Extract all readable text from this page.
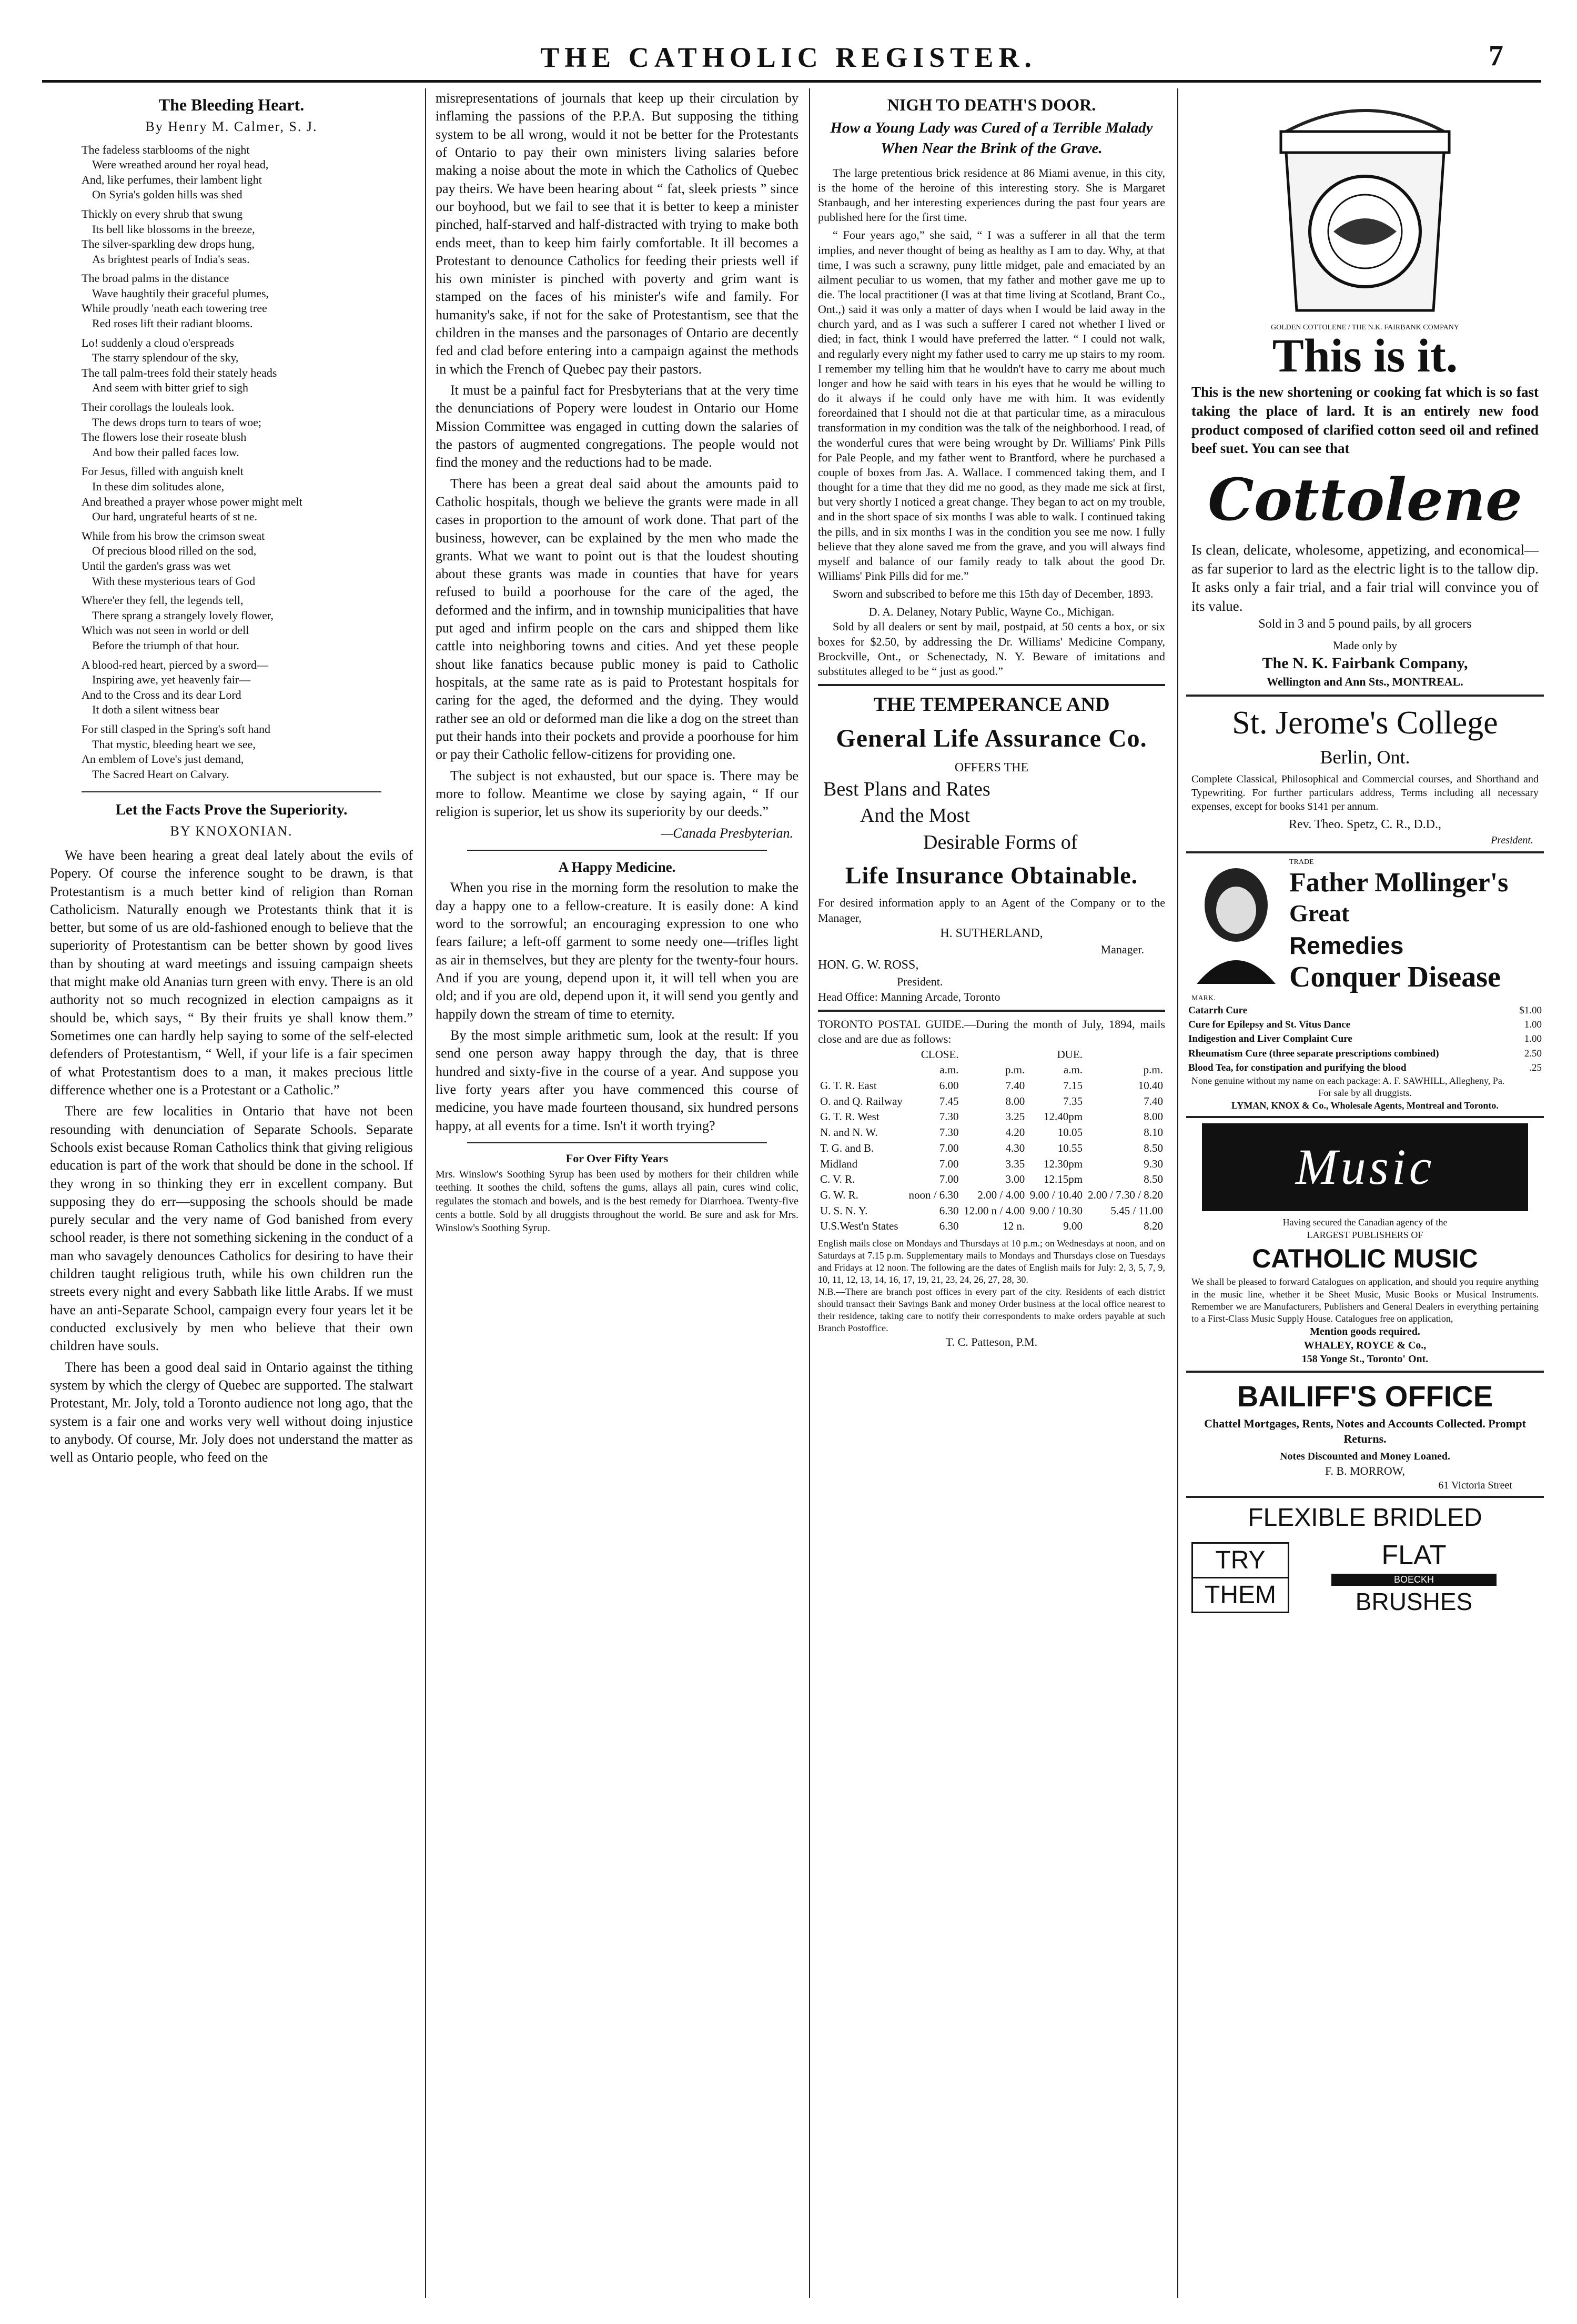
THE CATHOLIC REGISTER.	7
The Bleeding Heart.
By Henry M. Calmer, S. J.
The fadeless starblooms of the night
Were wreathed around her royal head,
And, like perfumes, their lambent light
On Syria's golden hills was shed
Thickly on every shrub that swung
Its bell like blossoms in the breeze,
The silver-sparkling dew drops hung,
As brightest pearls of India's seas.
The broad palms in the distance
Wave haughtily their graceful plumes,
While proudly 'neath each towering tree
Red roses lift their radiant blooms.
Lo! suddenly a cloud o'erspreads
The starry splendour of the sky,
The tall palm-trees fold their stately heads
And seem with bitter grief to sigh
Their corollags the louleals look.
The dews drops turn to tears of woe;
The flowers lose their roseate blush
And bow their palled faces low.
For Jesus, filled with anguish knelt
In these dim solitudes alone,
And breathed a prayer whose power might melt
Our hard, ungrateful hearts of st ne.
While from his brow the crimson sweat
Of precious blood rilled on the sod,
Until the garden's grass was wet
With these mysterious tears of God
Where'er they fell, the legends tell,
There sprang a strangely lovely flower,
Which was not seen in world or dell
Before the triumph of that hour.
A blood-red heart, pierced by a sword—
Inspiring awe, yet heavenly fair—
And to the Cross and its dear Lord
It doth a silent witness bear
For still clasped in the Spring's soft hand
That mystic, bleeding heart we see,
An emblem of Love's just demand,
The Sacred Heart on Calvary.
Let the Facts Prove the Superiority.
BY KNOXONIAN.

We have been hearing a great deal lately about the evils of Popery. Of course the inference sought to be drawn, is that Protestantism is a much better kind of religion than Roman Catholicism. Naturally enough we Protestants think that it is better, but some of us are old-fashioned enough to believe that the superiority of Protestantism can be better shown by good lives than by shouting at ward meetings and issuing campaign sheets that might make old Ananias turn green with envy. There is an old authority not so much recognized in election campaigns as it should be, which says, “ By their fruits ye shall know them.” Sometimes one can hardly help saying to some of the self-elected defenders of Protestantism, “ Well, if your life is a fair specimen of what Protestantism does to a man, it makes precious little difference whether one is a Protestant or a Catholic.”

There are few localities in Ontario that have not been resounding with denunciation of Separate Schools. Separate Schools exist because Roman Catholics think that giving religious education is part of the work that should be done in the school. If they wrong in so thinking they err in excellent company. But supposing they do err—supposing the schools should be made purely secular and the very name of God banished from every school reader, is there not something sickening in the conduct of a man who savagely denounces Catholics for desiring to have their children taught religious truth, while his own children run the streets every night and every Sabbath like little Arabs. If we must have an anti-Separate School, campaign every four years let it be conducted exclusively by men who believe that their own children have souls.

There has been a good deal said in Ontario against the tithing system by which the clergy of Quebec are supported. The stalwart Protestant, Mr. Joly, told a Toronto audience not long ago, that the system is a fair one and works very well without doing injustice to anybody. Of course, Mr. Joly does not understand the matter as well as Ontario people, who feed on the

misrepresentations of journals that keep up their circulation by inflaming the passions of the P.P.A. But supposing the tithing system to be all wrong, would it not be better for the Protestants of Ontario to pay their own ministers living salaries before making a noise about the mote in which the Catholics of Quebec pay theirs. We have been hearing about “ fat, sleek priests ” since our boyhood, but we fail to see that it is better to keep a minister pinched, half-starved and half-distracted with trying to make both ends meet, than to keep him fairly comfortable. It ill becomes a Protestant to denounce Catholics for feeding their priests well if his own minister is pinched with poverty and grim want is stamped on the faces of his minister's wife and family. For humanity's sake, if not for the sake of Protestantism, see that the children in the manses and the parsonages of Ontario are decently fed and clad before entering into a campaign against the methods in which the French of Quebec pay their pastors.

It must be a painful fact for Presbyterians that at the very time the denunciations of Popery were loudest in Ontario our Home Mission Committee was engaged in cutting down the salaries of the pastors of augmented congregations. The people would not find the money and the reductions had to be made.

There has been a great deal said about the amounts paid to Catholic hospitals, though we believe the grants were made in all cases in proportion to the amount of work done. That part of the business, however, can be explained by the men who made the grants. What we want to point out is that the loudest shouting about these grants was made in counties that have for years refused to build a poorhouse for the care of the aged, the deformed and the infirm, and in township municipalities that have put aged and infirm people on the cars and shipped them like cattle into neighboring towns and cities. And yet these people shout like fanatics because public money is paid to Catholic hospitals, at the same rate as is paid to Protestant hospitals for caring for the aged, the deformed and the dying. They would rather see an old or deformed man die like a dog on the street than put their hands into their pockets and provide a poorhouse for him or pay their Catholic fellow-citizens for providing one.

The subject is not exhausted, but our space is. There may be more to follow. Meantime we close by saying again, “ If our religion is superior, let us show its superiority by our deeds.”

—Canada Presbyterian.
A Happy Medicine.

When you rise in the morning form the resolution to make the day a happy one to a fellow-creature. It is easily done: A kind word to the sorrowful; an encouraging expression to one who fears failure; a left-off garment to some needy one—trifles light as air in themselves, but they are plenty for the twenty-four hours. And if you are young, depend upon it, it will tell when you are old; and if you are old, depend upon it, it will send you gently and happily down the stream of time to eternity.

By the most simple arithmetic sum, look at the result: If you send one person away happy through the day, that is three hundred and sixty-five in the course of a year. And suppose you live forty years after you have commenced this course of medicine, you have made fourteen thousand, six hundred persons happy, at all events for a time. Isn't it worth trying?

For Over Fifty Years
Mrs. Winslow's Soothing Syrup has been used by mothers for their children while teething. It soothes the child, softens the gums, allays all pain, cures wind colic, regulates the stomach and bowels, and is the best remedy for Diarrhoea. Twenty-five cents a bottle. Sold by all druggists throughout the world. Be sure and ask for Mrs. Winslow's Soothing Syrup.
NIGH TO DEATH'S DOOR.
How a Young Lady was Cured of a Terrible Malady When Near the Brink of the Grave.

The large pretentious brick residence at 86 Miami avenue, in this city, is the home of the heroine of this interesting story. She is Margaret Stanbaugh, and her interesting experiences during the past four years are published here for the first time.

“ Four years ago,” she said, “ I was a sufferer in all that the term implies, and never thought of being as healthy as I am to day. Why, at that time, I was such a scrawny, puny little midget, pale and emaciated by an ailment peculiar to us women, that my father and mother gave me up to die. The local practitioner (I was at that time living at Scotland, Brant Co., Ont.,) said it was only a matter of days when I would be laid away in the church yard, and as I was such a sufferer I cared not whether I lived or died; in fact, think I would have preferred the latter. “ I could not walk, and regularly every night my father used to carry me up stairs to my room. I remember my telling him that he wouldn't have to carry me about much longer and how he said with tears in his eyes that he would be willing to do it always if he could only have me with him. It was evidently foreordained that I should not die at that particular time, as a miraculous transformation in my condition was the talk of the neighborhood. I read, of the wonderful cures that were being wrought by Dr. Williams' Pink Pills for Pale People, and my father went to Brantford, where he purchased a couple of boxes from Jas. A. Wallace. I commenced taking them, and I thought for a time that they did me no good, as they made me sick at first, but very shortly I noticed a great change. They began to act on my trouble, and in the short space of six months I was able to walk. I continued taking the pills, and in six months I was in the condition you see me now. I fully believe that they alone saved me from the grave, and you will always find myself and balance of our family ready to talk about the good Dr. Williams' Pink Pills did for me.”

Sworn and subscribed to before me this 15th day of December, 1893.

D. A. Delaney, Notary Public, Wayne Co., Michigan.

Sold by all dealers or sent by mail, postpaid, at 50 cents a box, or six boxes for $2.50, by addressing the Dr. Williams' Medicine Company, Brockville, Ont., or Schenectady, N. Y. Beware of imitations and substitutes alleged to be “ just as good.”

THE TEMPERANCE AND
General Life Assurance Co.
OFFERS THE
Best Plans and Rates
And the Most
Desirable Forms of
Life Insurance Obtainable.
For desired information apply to an Agent of the Company or to the Manager,
H. SUTHERLAND,
Manager.
HON. G. W. ROSS,
President.
Head Office: Manning Arcade, Toronto
TORONTO POSTAL GUIDE.—During the month of July, 1894, mails close and are due as follows:
	CLOSE.		DUE.	
	a.m.	p.m.	a.m.	p.m.
G. T. R. East	6.00	7.40	7.15	10.40
O. and Q. Railway	7.45	8.00	7.35	7.40
G. T. R. West	7.30	3.25	12.40pm	8.00
N. and N. W.	7.30	4.20	10.05	8.10
T. G. and B.	7.00	4.30	10.55	8.50
Midland	7.00	3.35	12.30pm	9.30
C. V. R.	7.00	3.00	12.15pm	8.50
G. W. R.	noon / 6.30	2.00 / 4.00	9.00 / 10.40	2.00 / 7.30 / 8.20
U. S. N. Y.	6.30	12.00 n / 4.00	9.00 / 10.30	5.45 / 11.00
U.S.West'n States	6.30	12 n.	9.00	8.20
English mails close on Mondays and Thursdays at 10 p.m.; on Wednesdays at noon, and on Saturdays at 7.15 p.m. Supplementary mails to Mondays and Thursdays close on Tuesdays and Fridays at 12 noon. The following are the dates of English mails for July: 2, 3, 5, 7, 9, 10, 11, 12, 13, 14, 16, 17, 19, 21, 23, 24, 26, 27, 28, 30.
N.B.—There are branch post offices in every part of the city. Residents of each district should transact their Savings Bank and money Order business at the local office nearest to their residence, taking care to notify their correspondents to make orders payable at such Branch Postoffice.
T. C. Patteson, P.M.
GOLDEN COTTOLENE / THE N.K. FAIRBANK COMPANY
This is it.
This is the new shortening or cooking fat which is so fast taking the place of lard. It is an entirely new food product composed of clarified cotton seed oil and refined beef suet. You can see that
Cottolene
Is clean, delicate, wholesome, appetizing, and economical—as far superior to lard as the electric light is to the tallow dip. It asks only a fair trial, and a fair trial will convince you of its value.
Sold in 3 and 5 pound pails, by all grocers
Made only by
The N. K. Fairbank Company,
Wellington and Ann Sts., MONTREAL.
St. Jerome's College
Berlin, Ont.
Complete Classical, Philosophical and Commercial courses, and Shorthand and Typewriting. For further particulars address, Terms including all necessary expenses, except for books $141 per annum.
Rev. Theo. Spetz, C. R., D.D.,
President.
TRADE
Father Mollinger's
Great
Remedies
Conquer Disease
MARK.
Catarrh Cure	$1.00
Cure for Epilepsy and St. Vitus Dance	1.00
Indigestion and Liver Complaint Cure	1.00
Rheumatism Cure (three separate prescriptions combined)	2.50
Blood Tea, for constipation and purifying the blood	.25
None genuine without my name on each package: A. F. SAWHILL, Allegheny, Pa.
For sale by all druggists.
LYMAN, KNOX & Co., Wholesale Agents, Montreal and Toronto.
Music
Having secured the Canadian agency of the
LARGEST PUBLISHERS OF
CATHOLIC MUSIC
We shall be pleased to forward Catalogues on application, and should you require anything in the music line, whether it be Sheet Music, Music Books or Musical Instruments. Remember we are Manufacturers, Publishers and General Dealers in everything pertaining to a First-Class Music Supply House. Catalogues free on application,
Mention goods required.
WHALEY, ROYCE & Co.,
158 Yonge St., Toronto' Ont.
BAILIFF'S OFFICE
Chattel Mortgages, Rents, Notes and Accounts Collected. Prompt Returns.
Notes Discounted and Money Loaned.
F. B. MORROW,
61 Victoria Street
FLEXIBLE BRIDLED
TRY
THEM
FLAT
BOECKH
BRUSHES
